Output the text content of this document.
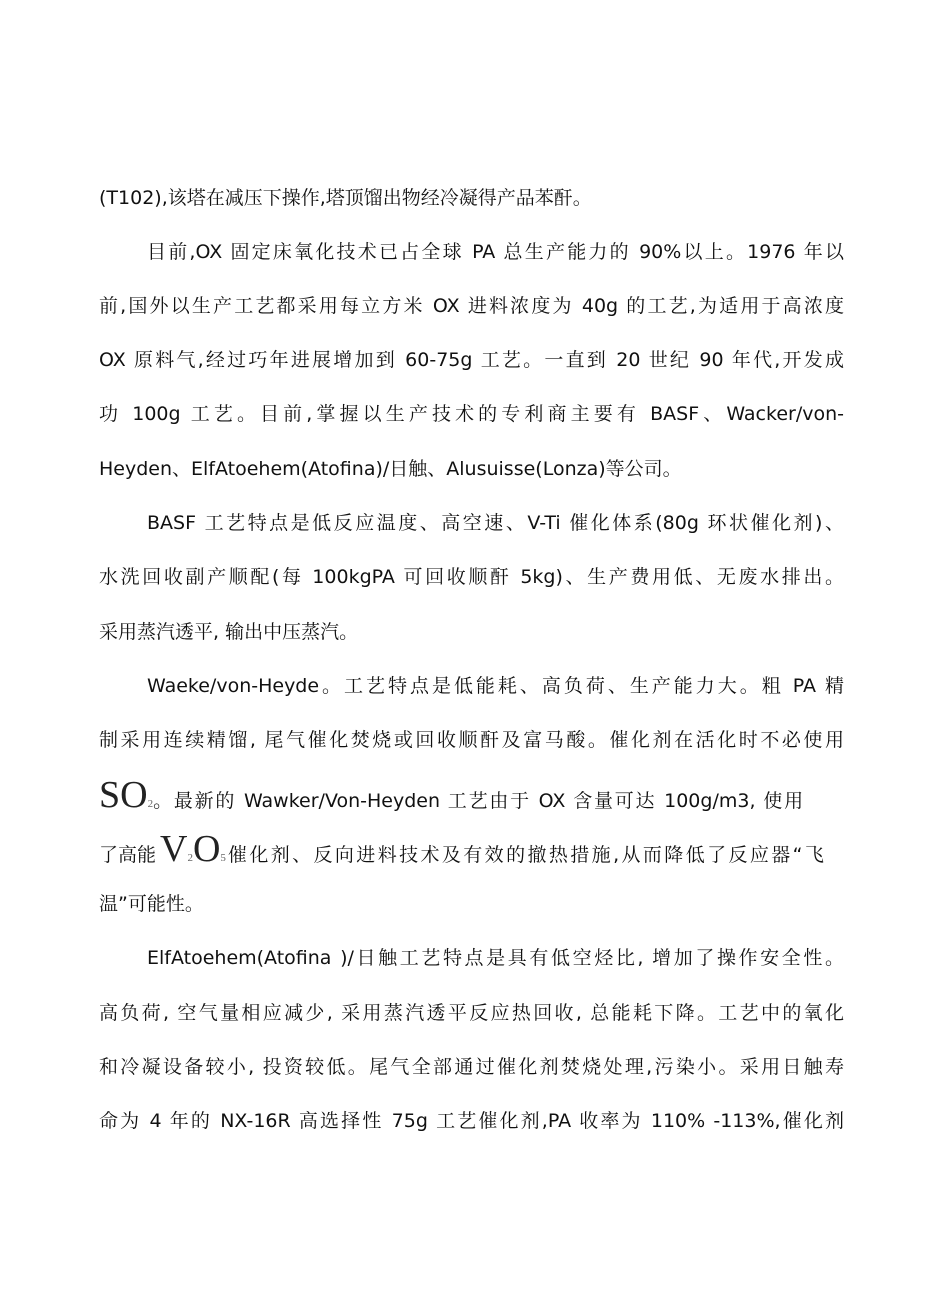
(T102),该塔在减压下操作,塔顶馏出物经冷凝得产品苯酐。
目前,OX 固定床氧化技术已占全球 PA 总生产能力的 90%以上。1976 年以
前,国外以生产工艺都采用每立方米 OX 进料浓度为 40g 的工艺,为适用于高浓度
OX 原料气,经过巧年进展增加到 60-75g 工艺。一直到 20 世纪 90 年代,开发成
功 100g 工艺。目前,掌握以生产技术的专利商主要有 BASF、Wacker/von-
Heyden、ElfAtoehem(Atofina)/日触、Alusuisse(Lonza)等公司。
BASF 工艺特点是低反应温度、高空速、V-Ti 催化体系(80g 环状催化剂)、
水洗回收副产顺配(每 100kgPA 可回收顺酐 5kg)、生产费用低、无废水排出。
采用蒸汽透平, 输出中压蒸汽。
Waeke/von-Heyde。工艺特点是低能耗、高负荷、生产能力大。粗 PA 精
制采用连续精馏, 尾气催化焚烧或回收顺酐及富马酸。催化剂在活化时不必使用
SO2。最新的 Wawker/Von-Heyden 工艺由于 OX 含量可达 100g/m3, 使用
了高能 V2O5 催化剂、反向进料技术及有效的撤热措施,从而降低了反应器“飞
温”可能性。
ElfAtoehem(Atofina )/日触工艺特点是具有低空烃比, 增加了操作安全性。
高负荷, 空气量相应减少, 采用蒸汽透平反应热回收, 总能耗下降。工艺中的氧化
和冷凝设备较小, 投资较低。尾气全部通过催化剂焚烧处理,污染小。采用日触寿
命为 4 年的 NX-16R 高选择性 75g 工艺催化剂,PA 收率为 110% -113%,催化剂
